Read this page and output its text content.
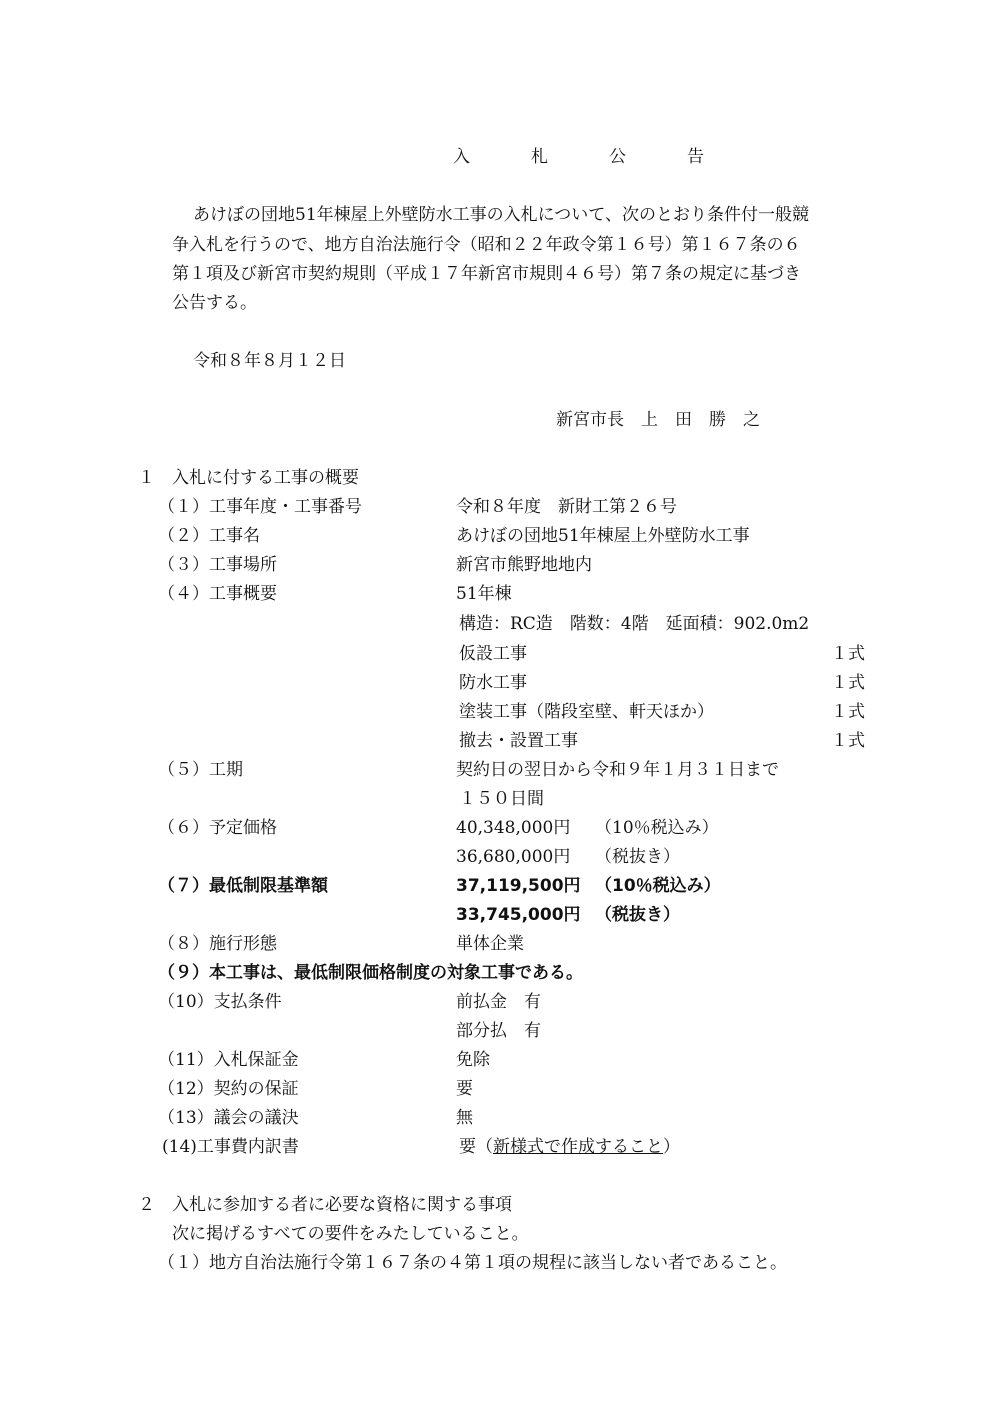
入　札　公　告
あけぼの団地51年棟屋上外壁防水工事の入札について、次のとおり条件付一般競
争入札を行うので、地方自治法施行令（昭和２２年政令第１６号）第１６７条の６
第１項及び新宮市契約規則（平成１７年新宮市規則４６号）第７条の規定に基づき
公告する。
令和８年８月１２日
新宮市長　上　田　勝　之
１　入札に付する工事の概要
（１）工事年度・工事番号	令和８年度　新財工第２６号
（２）工事名	あけぼの団地51年棟屋上外壁防水工事
（３）工事場所	新宮市熊野地地内
（４）工事概要	51年棟
構造：RC造　階数：4階　延面積：902.0m2
仮設工事	１式
防水工事	１式
塗装工事（階段室壁、軒天ほか）	１式
撤去・設置工事	１式
（５）工期	契約日の翌日から令和９年１月３１日まで
１５０日間
（６）予定価格	40,348,000円 （10％税込み）
36,680,000円 （税抜き）
（７）最低制限基準額	37,119,500円 （10％税込み）
33,745,000円 （税抜き）
（８）施行形態	単体企業
（９）本工事は、最低制限価格制度の対象工事である。
（10）支払条件	前払金　有
部分払　有
（11）入札保証金	免除
（12）契約の保証	要
（13）議会の議決	無
(14)工事費内訳書	要（新様式で作成すること）
２　入札に参加する者に必要な資格に関する事項
次に掲げるすべての要件をみたしていること。
（１）地方自治法施行令第１６７条の４第１項の規程に該当しない者であること。
